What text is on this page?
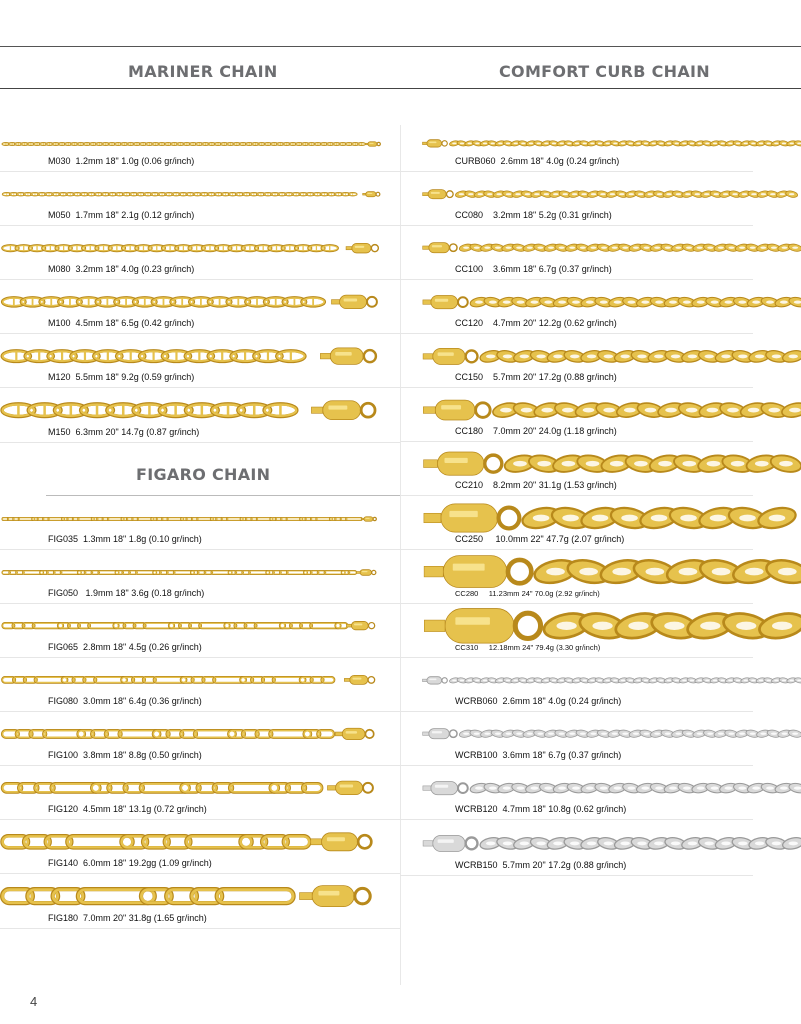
MARINER CHAIN	COMFORT CURB CHAIN
FIGARO CHAIN
M030  1.2mm 18" 1.0g (0.06 gr/inch)
M050  1.7mm 18" 2.1g (0.12 gr/inch)
M080  3.2mm 18" 4.0g (0.23 gr/inch)
M100  4.5mm 18" 6.5g (0.42 gr/inch)
M120  5.5mm 18" 9.2g (0.59 gr/inch)
M150  6.3mm 20" 14.7g (0.87 gr/inch)
FIG035  1.3mm 18" 1.8g (0.10 gr/inch)
FIG050   1.9mm 18" 3.6g (0.18 gr/inch)
FIG065  2.8mm 18" 4.5g (0.26 gr/inch)
FIG080  3.0mm 18" 6.4g (0.36 gr/inch)
FIG100  3.8mm 18" 8.8g (0.50 gr/inch)
FIG120  4.5mm 18" 13.1g (0.72 gr/inch)
FIG140  6.0mm 18" 19.2gg (1.09 gr/inch)
FIG180  7.0mm 20" 31.8g (1.65 gr/inch)
CURB060  2.6mm 18" 4.0g (0.24 gr/inch)
CC080    3.2mm 18" 5.2g (0.31 gr/inch)
CC100    3.6mm 18" 6.7g (0.37 gr/inch)
CC120    4.7mm 20" 12.2g (0.62 gr/inch)
CC150    5.7mm 20" 17.2g (0.88 gr/inch)
CC180    7.0mm 20" 24.0g (1.18 gr/inch)
CC210    8.2mm 20" 31.1g (1.53 gr/inch)
CC250     10.0mm 22" 47.7g (2.07 gr/inch)
CC280     11.23mm 24" 70.0g (2.92 gr/inch)
CC310     12.18mm 24" 79.4g (3.30 gr/inch)
WCRB060  2.6mm 18" 4.0g (0.24 gr/inch)
WCRB100  3.6mm 18" 6.7g (0.37 gr/inch)
WCRB120  4.7mm 18" 10.8g (0.62 gr/inch)
WCRB150  5.7mm 20" 17.2g (0.88 gr/inch)
4
